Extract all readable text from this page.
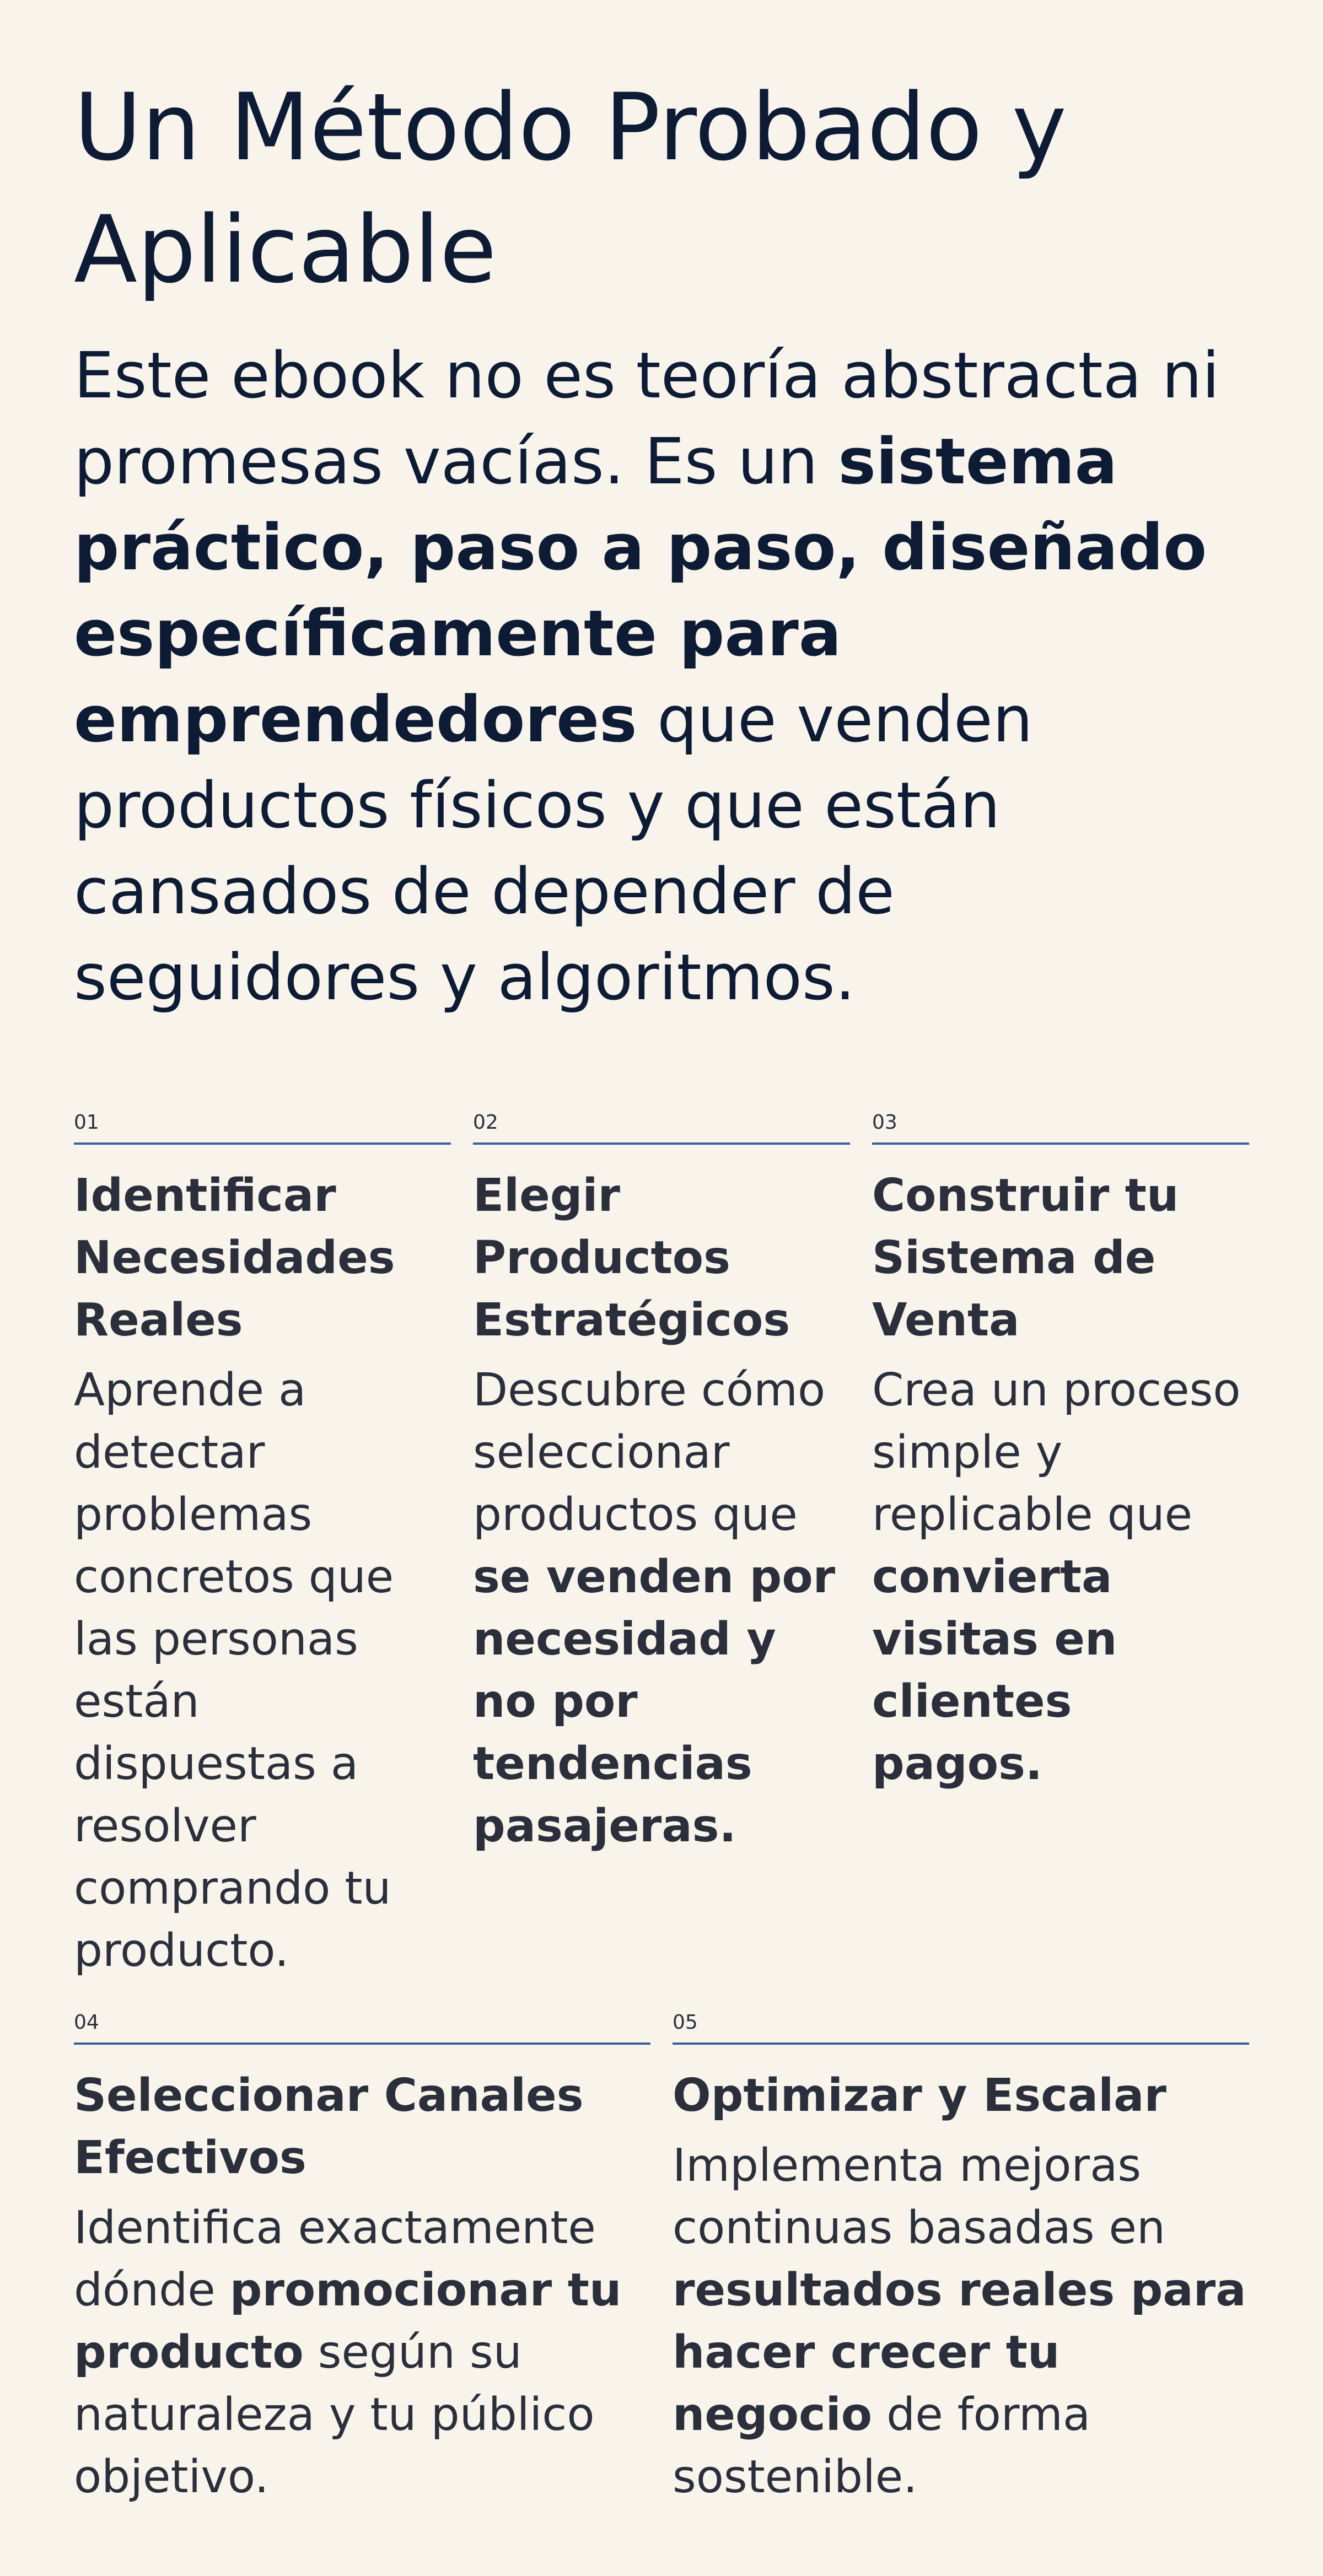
Un Método Probado y Aplicable

Este ebook no es teoría abstracta ni promesas vacías. Es un sistema práctico, paso a paso, diseñado específicamente para emprendedores que venden productos físicos y que están cansados de depender de seguidores y algoritmos.

01
Identificar Necesidades Reales

Aprende a detectar problemas concretos que las personas están dispuestas a resolver comprando tu producto.

02
Elegir Productos Estratégicos

Descubre cómo seleccionar productos que se venden por necesidad y no por tendencias pasajeras.

03
Construir tu Sistema de Venta

Crea un proceso simple y replicable que convierta visitas en clientes pagos.

04
Seleccionar Canales Efectivos

Identifica exactamente dónde promocionar tu producto según su naturaleza y tu público objetivo.

05
Optimizar y Escalar

Implementa mejoras continuas basadas en resultados reales para hacer crecer tu negocio de forma sostenible.
